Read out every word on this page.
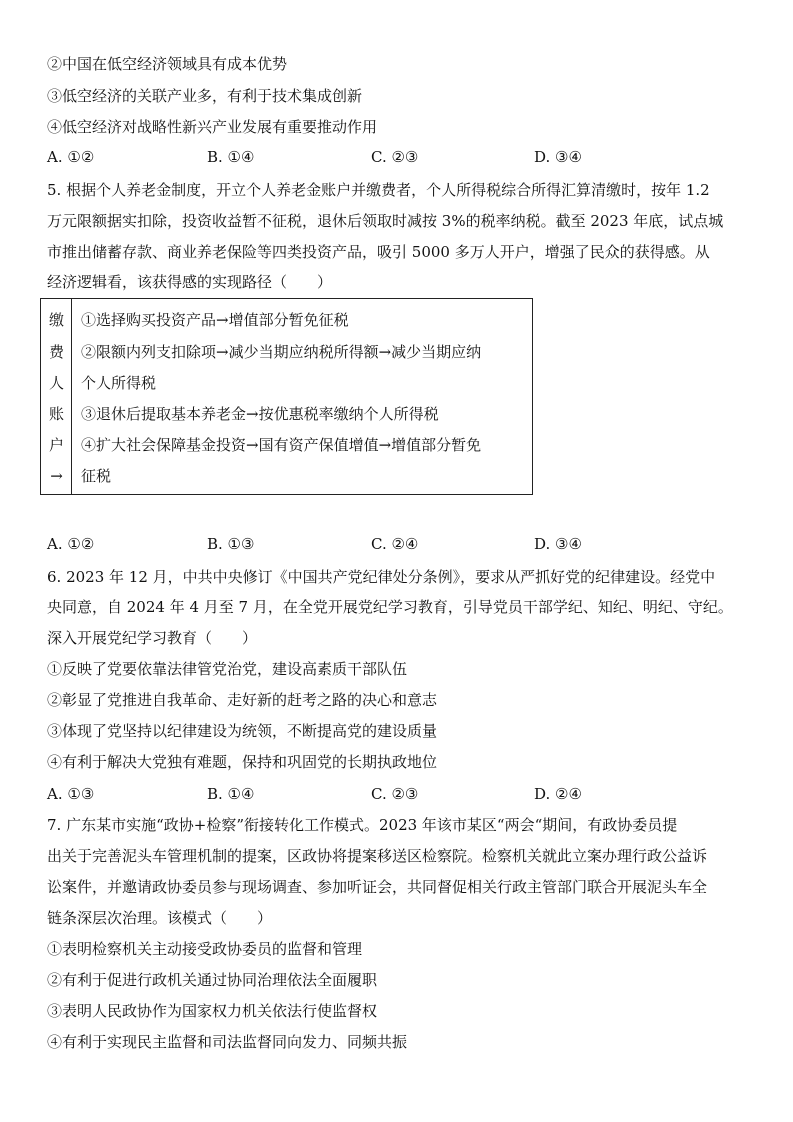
②中国在低空经济领域具有成本优势
③低空经济的关联产业多，有利于技术集成创新
④低空经济对战略性新兴产业发展有重要推动作用
A. ①②	B. ①④	C. ②③	D. ③④
5. 根据个人养老金制度，开立个人养老金账户并缴费者，个人所得税综合所得汇算清缴时，按年 1.2
万元限额据实扣除，投资收益暂不征税，退休后领取时减按 3%的税率纳税。截至 2023 年底，试点城
市推出储蓄存款、商业养老保险等四类投资产品，吸引 5000 多万人开户，增强了民众的获得感。从
经济逻辑看，该获得感的实现路径（　　）
缴
费
人
账
户
→
①选择购买投资产品→增值部分暂免征税
②限额内列支扣除项→减少当期应纳税所得额→减少当期应纳
个人所得税
③退休后提取基本养老金→按优惠税率缴纳个人所得税
④扩大社会保障基金投资→国有资产保值增值→增值部分暂免
征税
A. ①②	B. ①③	C. ②④	D. ③④
6. 2023 年 12 月，中共中央修订《中国共产党纪律处分条例》，要求从严抓好党的纪律建设。经党中
央同意，自 2024 年 4 月至 7 月，在全党开展党纪学习教育，引导党员干部学纪、知纪、明纪、守纪。
深入开展党纪学习教育（　　）
①反映了党要依靠法律管党治党，建设高素质干部队伍
②彰显了党推进自我革命、走好新的赶考之路的决心和意志
③体现了党坚持以纪律建设为统领，不断提高党的建设质量
④有利于解决大党独有难题，保持和巩固党的长期执政地位
A. ①③	B. ①④	C. ②③	D. ②④
7. 广东某市实施“政协+检察”衔接转化工作模式。2023 年该市某区“两会“期间，有政协委员提
出关于完善泥头车管理机制的提案，区政协将提案移送区检察院。检察机关就此立案办理行政公益诉
讼案件，并邀请政协委员参与现场调查、参加听证会，共同督促相关行政主管部门联合开展泥头车全
链条深层次治理。该模式（　　）
①表明检察机关主动接受政协委员的监督和管理
②有利于促进行政机关通过协同治理依法全面履职
③表明人民政协作为国家权力机关依法行使监督权
④有利于实现民主监督和司法监督同向发力、同频共振
